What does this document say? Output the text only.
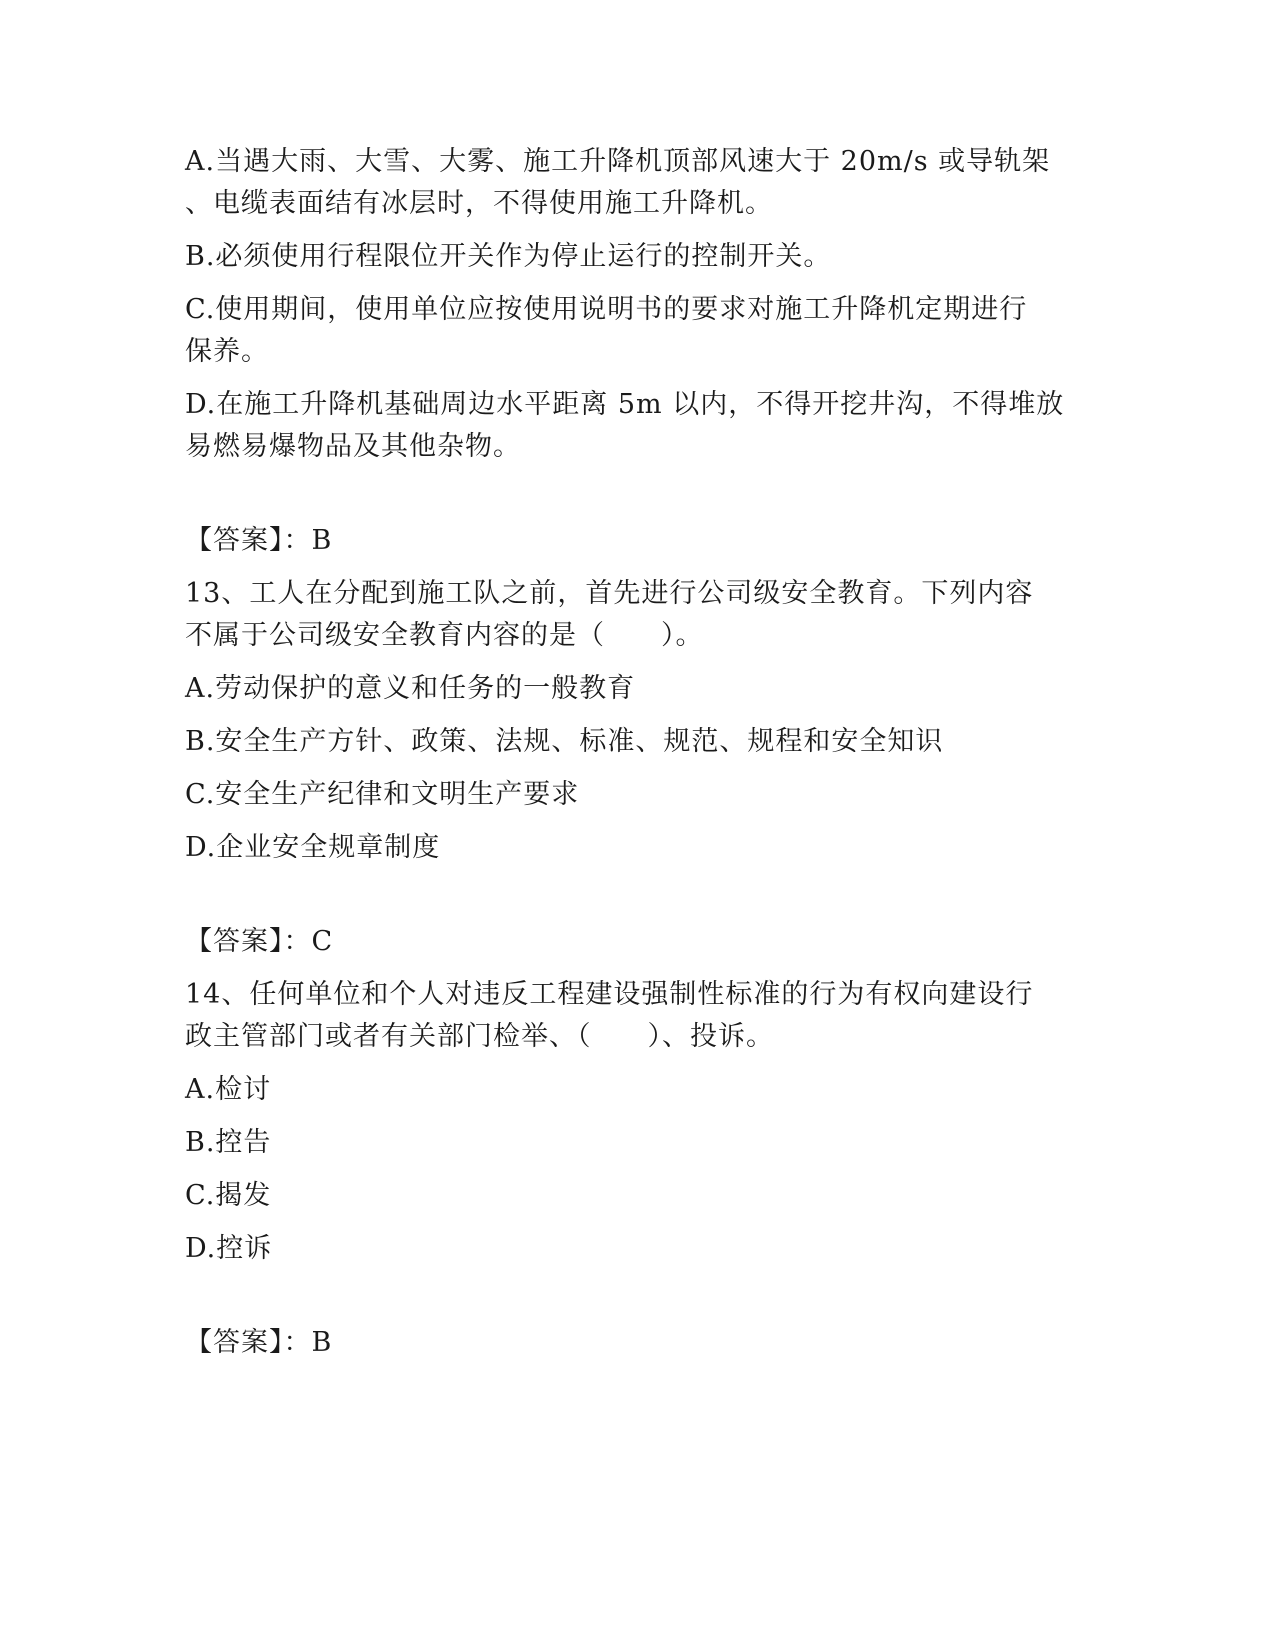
A.当遇大雨、大雪、大雾、施工升降机顶部风速大于 20m/s 或导轨架
、电缆表面结有冰层时，不得使用施工升降机。
B.必须使用行程限位开关作为停止运行的控制开关。
C.使用期间，使用单位应按使用说明书的要求对施工升降机定期进行
保养。
D.在施工升降机基础周边水平距离 5m 以内，不得开挖井沟，不得堆放
易燃易爆物品及其他杂物。
【答案】：B
13、工人在分配到施工队之前，首先进行公司级安全教育。下列内容
不属于公司级安全教育内容的是（　　）。
A.劳动保护的意义和任务的一般教育
B.安全生产方针、政策、法规、标准、规范、规程和安全知识
C.安全生产纪律和文明生产要求
D.企业安全规章制度
【答案】：C
14、任何单位和个人对违反工程建设强制性标准的行为有权向建设行
政主管部门或者有关部门检举、（　　）、投诉。
A.检讨
B.控告
C.揭发
D.控诉
【答案】：B
